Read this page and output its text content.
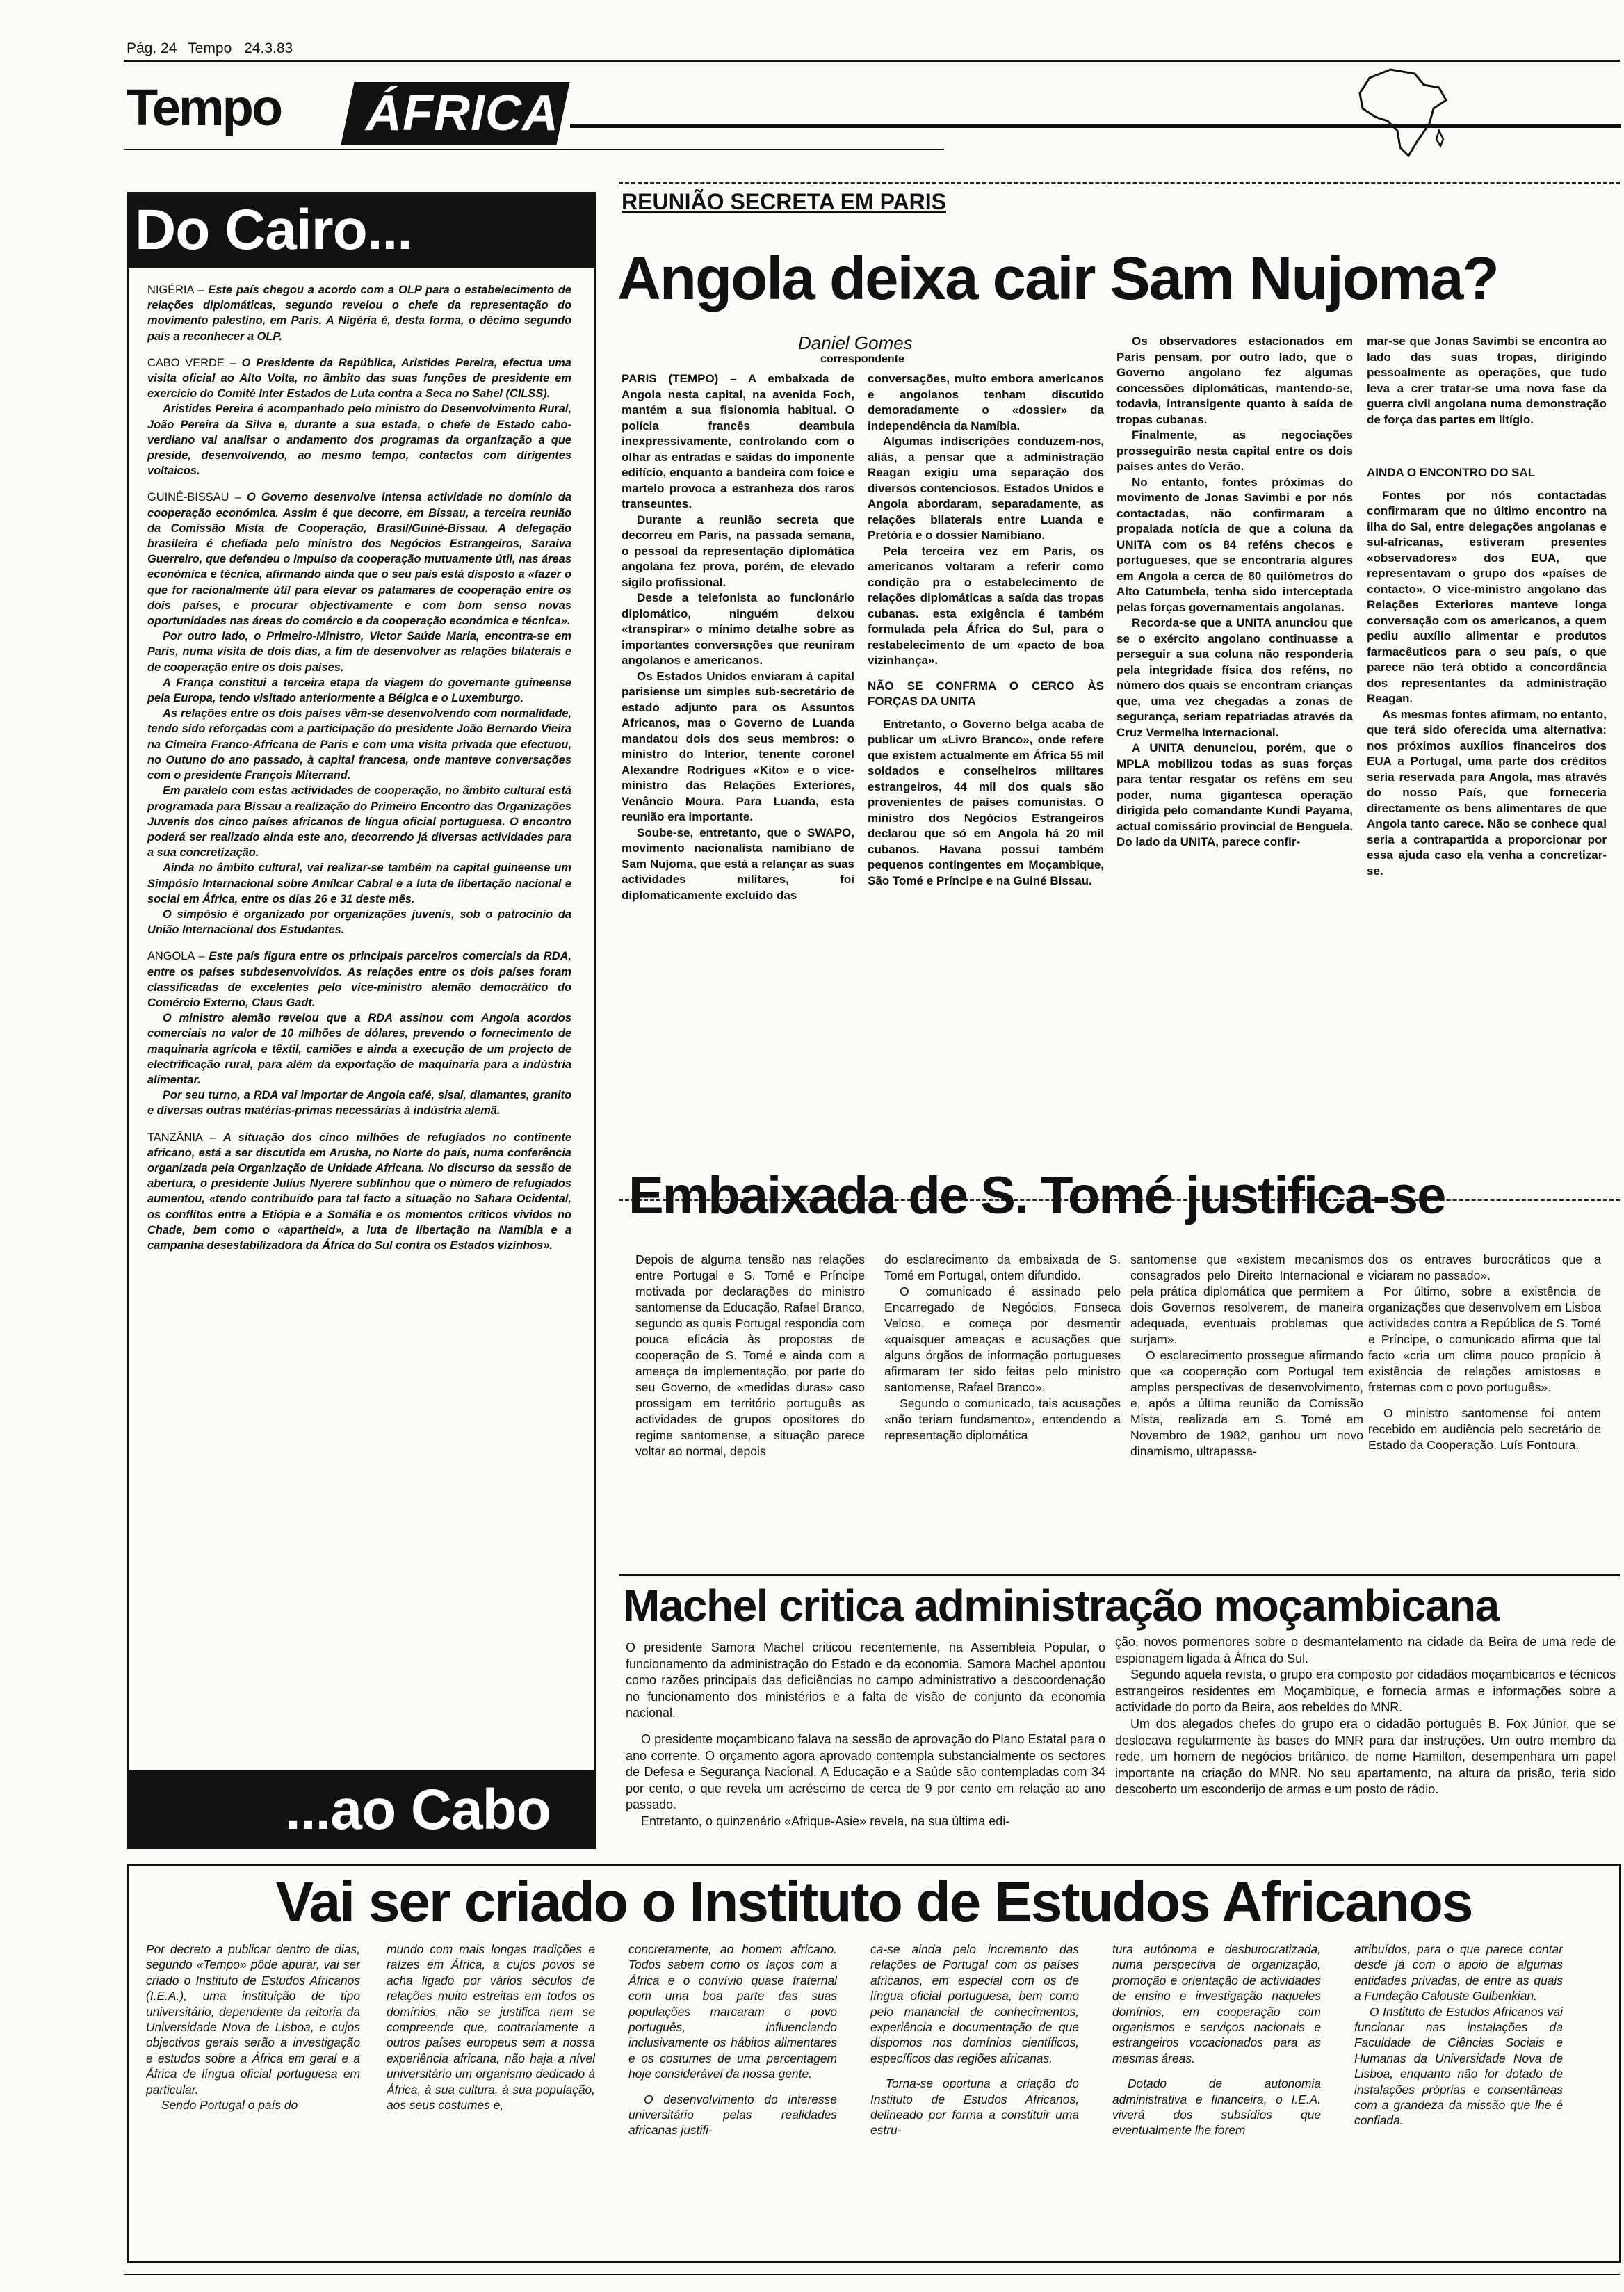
Pág. 24 Tempo 24.3.83
Tempo ÁFRICA
Do Cairo...

NIGÉRIA – Este país chegou a acordo com a OLP para o estabelecimento de relações diplomáticas, segundo revelou o chefe da representação do movimento palestino, em Paris. A Nigéria é, desta forma, o décimo segundo país a reconhecer a OLP.

CABO VERDE – O Presidente da República, Aristides Pereira, efectua uma visita oficial ao Alto Volta, no âmbito das suas funções de presidente em exercício do Comité Inter Estados de Luta contra a Seca no Sahel (CILSS).

Aristides Pereira é acompanhado pelo ministro do Desenvolvimento Rural, João Pereira da Silva e, durante a sua estada, o chefe de Estado cabo-verdiano vai analisar o andamento dos programas da organização a que preside, desenvolvendo, ao mesmo tempo, contactos com dirigentes voltaicos.

GUINÉ-BISSAU – O Governo desenvolve intensa actividade no domínio da cooperação económica. Assim é que decorre, em Bissau, a terceira reunião da Comissão Mista de Cooperação, Brasil/Guiné-Bissau. A delegação brasileira é chefiada pelo ministro dos Negócios Estrangeiros, Saraiva Guerreiro, que defendeu o impulso da cooperação mutuamente útil, nas áreas económica e técnica, afirmando ainda que o seu país está disposto a «fazer o que for racionalmente útil para elevar os patamares de cooperação entre os dois países, e procurar objectivamente e com bom senso novas oportunidades nas áreas do comércio e da cooperação económica e técnica».

Por outro lado, o Primeiro-Ministro, Victor Saúde Maria, encontra-se em Paris, numa visita de dois dias, a fim de desenvolver as relações bilaterais e de cooperação entre os dois países.

A França constitui a terceira etapa da viagem do governante guineense pela Europa, tendo visitado anteriormente a Bélgica e o Luxemburgo.

As relações entre os dois países vêm-se desenvolvendo com normalidade, tendo sido reforçadas com a participação do presidente João Bernardo Vieira na Cimeira Franco-Africana de Paris e com uma visita privada que efectuou, no Outuno do ano passado, à capital francesa, onde manteve conversações com o presidente François Miterrand.

Em paralelo com estas actividades de cooperação, no âmbito cultural está programada para Bissau a realização do Primeiro Encontro das Organizações Juvenis dos cinco países africanos de língua oficial portuguesa. O encontro poderá ser realizado ainda este ano, decorrendo já diversas actividades para a sua concretização.

Ainda no âmbito cultural, vai realizar-se também na capital guineense um Simpósio Internacional sobre Amílcar Cabral e a luta de libertação nacional e social em África, entre os dias 26 e 31 deste mês.

O simpósio é organizado por organizações juvenis, sob o patrocínio da União Internacional dos Estudantes.

ANGOLA – Este país figura entre os principais parceiros comerciais da RDA, entre os países subdesenvolvidos. As relações entre os dois países foram classificadas de excelentes pelo vice-ministro alemão democrático do Comércio Externo, Claus Gadt.

O ministro alemão revelou que a RDA assinou com Angola acordos comerciais no valor de 10 milhões de dólares, prevendo o fornecimento de maquinaria agrícola e têxtil, camiões e ainda a execução de um projecto de electrificação rural, para além da exportação de maquinaria para a indústria alimentar.

Por seu turno, a RDA vai importar de Angola café, sisal, diamantes, granito e diversas outras matérias-primas necessárias à indústria alemã.

TANZÂNIA – A situação dos cinco milhões de refugiados no continente africano, está a ser discutida em Arusha, no Norte do país, numa conferência organizada pela Organização de Unidade Africana. No discurso da sessão de abertura, o presidente Julius Nyerere sublinhou que o número de refugiados aumentou, «tendo contribuído para tal facto a situação no Sahara Ocidental, os conflitos entre a Etiópia e a Somália e os momentos críticos vividos no Chade, bem como o «apartheid», a luta de libertação na Namíbia e a campanha desestabilizadora da África do Sul contra os Estados vizinhos».

...ao Cabo
REUNIÃO SECRETA EM PARIS
Angola deixa cair Sam Nujoma?
Daniel Gomes
correspondente

PARIS (TEMPO) – A embaixada de Angola nesta capital, na avenida Foch, mantém a sua fisionomia habitual. O polícia francês deambula inexpressivamente, controlando com o olhar as entradas e saídas do imponente edifício, enquanto a bandeira com foice e martelo provoca a estranheza dos raros transeuntes.

Durante a reunião secreta que decorreu em Paris, na passada semana, o pessoal da representação diplomática angolana fez prova, porém, de elevado sigilo profissional.

Desde a telefonista ao funcionário diplomático, ninguém deixou «transpirar» o mínimo detalhe sobre as importantes conversações que reuniram angolanos e americanos.

Os Estados Unidos enviaram à capital parisiense um simples sub-secretário de estado adjunto para os Assuntos Africanos, mas o Governo de Luanda mandatou dois dos seus membros: o ministro do Interior, tenente coronel Alexandre Rodrigues «Kito» e o vice-ministro das Relações Exteriores, Venâncio Moura. Para Luanda, esta reunião era importante.

Soube-se, entretanto, que o SWAPO, movimento nacionalista namibiano de Sam Nujoma, que está a relançar as suas actividades militares, foi diplomaticamente excluído das

conversações, muito embora americanos e angolanos tenham discutido demoradamente o «dossier» da independência da Namíbia.

Algumas indiscrições conduzem-nos, aliás, a pensar que a administração Reagan exigiu uma separação dos diversos contenciosos. Estados Unidos e Angola abordaram, separadamente, as relações bilaterais entre Luanda e Pretória e o dossier Namibiano.

Pela terceira vez em Paris, os americanos voltaram a referir como condição pra o estabelecimento de relações diplomáticas a saída das tropas cubanas. esta exigência é também formulada pela África do Sul, para o restabelecimento de um «pacto de boa vizinhança».

NÃO SE CONFRMA O CERCO ÀS FORÇAS DA UNITA

Entretanto, o Governo belga acaba de publicar um «Livro Branco», onde refere que existem actualmente em África 55 mil soldados e conselheiros militares estrangeiros, 44 mil dos quais são provenientes de países comunistas. O ministro dos Negócios Estrangeiros declarou que só em Angola há 20 mil cubanos. Havana possui também pequenos contingentes em Moçambique, São Tomé e Príncipe e na Guiné Bissau.

Os observadores estacionados em Paris pensam, por outro lado, que o Governo angolano fez algumas concessões diplomáticas, mantendo-se, todavia, intransigente quanto à saída de tropas cubanas.

Finalmente, as negociações prosseguirão nesta capital entre os dois países antes do Verão.

No entanto, fontes próximas do movimento de Jonas Savimbi e por nós contactadas, não confirmaram a propalada notícia de que a coluna da UNITA com os 84 reféns checos e portugueses, que se encontraria algures em Angola a cerca de 80 quilómetros do Alto Catumbela, tenha sido interceptada pelas forças governamentais angolanas.

Recorda-se que a UNITA anunciou que se o exército angolano continuasse a perseguir a sua coluna não responderia pela integridade física dos reféns, no número dos quais se encontram crianças que, uma vez chegadas a zonas de segurança, seriam repatriadas através da Cruz Vermelha Internacional.

A UNITA denunciou, porém, que o MPLA mobilizou todas as suas forças para tentar resgatar os reféns em seu poder, numa gigantesca operação dirigida pelo comandante Kundi Payama, actual comissário provincial de Benguela. Do lado da UNITA, parece confir-

mar-se que Jonas Savimbi se encontra ao lado das suas tropas, dirigindo pessoalmente as operações, que tudo leva a crer tratar-se uma nova fase da guerra civil angolana numa demonstração de força das partes em litígio.

AINDA O ENCONTRO DO SAL

Fontes por nós contactadas confirmaram que no último encontro na ilha do Sal, entre delegações angolanas e sul-africanas, estiveram presentes «observadores» dos EUA, que representavam o grupo dos «países de contacto». O vice-ministro angolano das Relações Exteriores manteve longa conversação com os americanos, a quem pediu auxílio alimentar e produtos farmacêuticos para o seu país, o que parece não terá obtido a concordância dos representantes da administração Reagan.

As mesmas fontes afirmam, no entanto, que terá sido oferecida uma alternativa: nos próximos auxílios financeiros dos EUA a Portugal, uma parte dos créditos seria reservada para Angola, mas através do nosso País, que forneceria directamente os bens alimentares de que Angola tanto carece. Não se conhece qual seria a contrapartida a proporcionar por essa ajuda caso ela venha a concretizar-se.

Embaixada de S. Tomé justifica-se

Depois de alguma tensão nas relações entre Portugal e S. Tomé e Príncipe motivada por declarações do ministro santomense da Educação, Rafael Branco, segundo as quais Portugal respondia com pouca eficácia às propostas de cooperação de S. Tomé e ainda com a ameaça da implementação, por parte do seu Governo, de «medidas duras» caso prossigam em território português as actividades de grupos opositores do regime santomense, a situação parece voltar ao normal, depois

do esclarecimento da embaixada de S. Tomé em Portugal, ontem difundido.

O comunicado é assinado pelo Encarregado de Negócios, Fonseca Veloso, e começa por desmentir «quaisquer ameaças e acusações que alguns órgãos de informação portugueses afirmaram ter sido feitas pelo ministro santomense, Rafael Branco».

Segundo o comunicado, tais acusações «não teriam fundamento», entendendo a representação diplomática

santomense que «existem mecanismos consagrados pelo Direito Internacional e pela prática diplomática que permitem a dois Governos resolverem, de maneira adequada, eventuais problemas que surjam».

O esclarecimento prossegue afirmando que «a cooperação com Portugal tem amplas perspectivas de desenvolvimento, e, após a última reunião da Comissão Mista, realizada em S. Tomé em Novembro de 1982, ganhou um novo dinamismo, ultrapassa-

dos os entraves burocráticos que a viciaram no passado».

Por último, sobre a existência de organizações que desenvolvem em Lisboa actividades contra a República de S. Tomé e Príncipe, o comunicado afirma que tal facto «cria um clima pouco propício à existência de relações amistosas e fraternas com o povo português».

O ministro santomense foi ontem recebido em audiência pelo secretário de Estado da Cooperação, Luís Fontoura.

Machel critica administração moçambicana

O presidente Samora Machel criticou recentemente, na Assembleia Popular, o funcionamento da administração do Estado e da economia. Samora Machel apontou como razões principais das deficiências no campo administrativo a descoordenação no funcionamento dos ministérios e a falta de visão de conjunto da economia nacional.

O presidente moçambicano falava na sessão de aprovação do Plano Estatal para o ano corrente. O orçamento agora aprovado contempla substancialmente os sectores de Defesa e Segurança Nacional. A Educação e a Saúde são contempladas com 34 por cento, o que revela um acréscimo de cerca de 9 por cento em relação ao ano passado.

Entretanto, o quinzenário «Afrique-Asie» revela, na sua última edi-

ção, novos pormenores sobre o desmantelamento na cidade da Beira de uma rede de espionagem ligada à África do Sul.

Segundo aquela revista, o grupo era composto por cidadãos moçambicanos e técnicos estrangeiros residentes em Moçambique, e fornecia armas e informações sobre a actividade do porto da Beira, aos rebeldes do MNR.

Um dos alegados chefes do grupo era o cidadão português B. Fox Júnior, que se deslocava regularmente às bases do MNR para dar instruções. Um outro membro da rede, um homem de negócios britânico, de nome Hamilton, desempenhara um papel importante na criação do MNR. No seu apartamento, na altura da prisão, teria sido descoberto um esconderijo de armas e um posto de rádio.

Vai ser criado o Instituto de Estudos Africanos

Por decreto a publicar dentro de dias, segundo «Tempo» pôde apurar, vai ser criado o Instituto de Estudos Africanos (I.E.A.), uma instituição de tipo universitário, dependente da reitoria da Universidade Nova de Lisboa, e cujos objectivos gerais serão a investigação e estudos sobre a África em geral e a África de língua oficial portuguesa em particular.

Sendo Portugal o país do

mundo com mais longas tradições e raízes em África, a cujos povos se acha ligado por vários séculos de relações muito estreitas em todos os domínios, não se justifica nem se compreende que, contrariamente a outros países europeus sem a nossa experiência africana, não haja a nível universitário um organismo dedicado à África, à sua cultura, à sua população, aos seus costumes e,

concretamente, ao homem africano. Todos sabem como os laços com a África e o convívio quase fraternal com uma boa parte das suas populações marcaram o povo português, influenciando inclusivamente os hábitos alimentares e os costumes de uma percentagem hoje considerável da nossa gente.

O desenvolvimento do interesse universitário pelas realidades africanas justifi-

ca-se ainda pelo incremento das relações de Portugal com os países africanos, em especial com os de língua oficial portuguesa, bem como pelo manancial de conhecimentos, experiência e documentação de que dispomos nos domínios científicos, específicos das regiões africanas.

Torna-se oportuna a criação do Instituto de Estudos Africanos, delineado por forma a constituir uma estru-

tura autónoma e desburocratizada, numa perspectiva de organização, promoção e orientação de actividades de ensino e investigação naqueles domínios, em cooperação com organismos e serviços nacionais e estrangeiros vocacionados para as mesmas áreas.

Dotado de autonomia administrativa e financeira, o I.E.A. viverá dos subsídios que eventualmente lhe forem

atribuídos, para o que parece contar desde já com o apoio de algumas entidades privadas, de entre as quais a Fundação Calouste Gulbenkian.

O Instituto de Estudos Africanos vai funcionar nas instalações da Faculdade de Ciências Sociais e Humanas da Universidade Nova de Lisboa, enquanto não for dotado de instalações próprias e consentâneas com a grandeza da missão que lhe é confiada.
